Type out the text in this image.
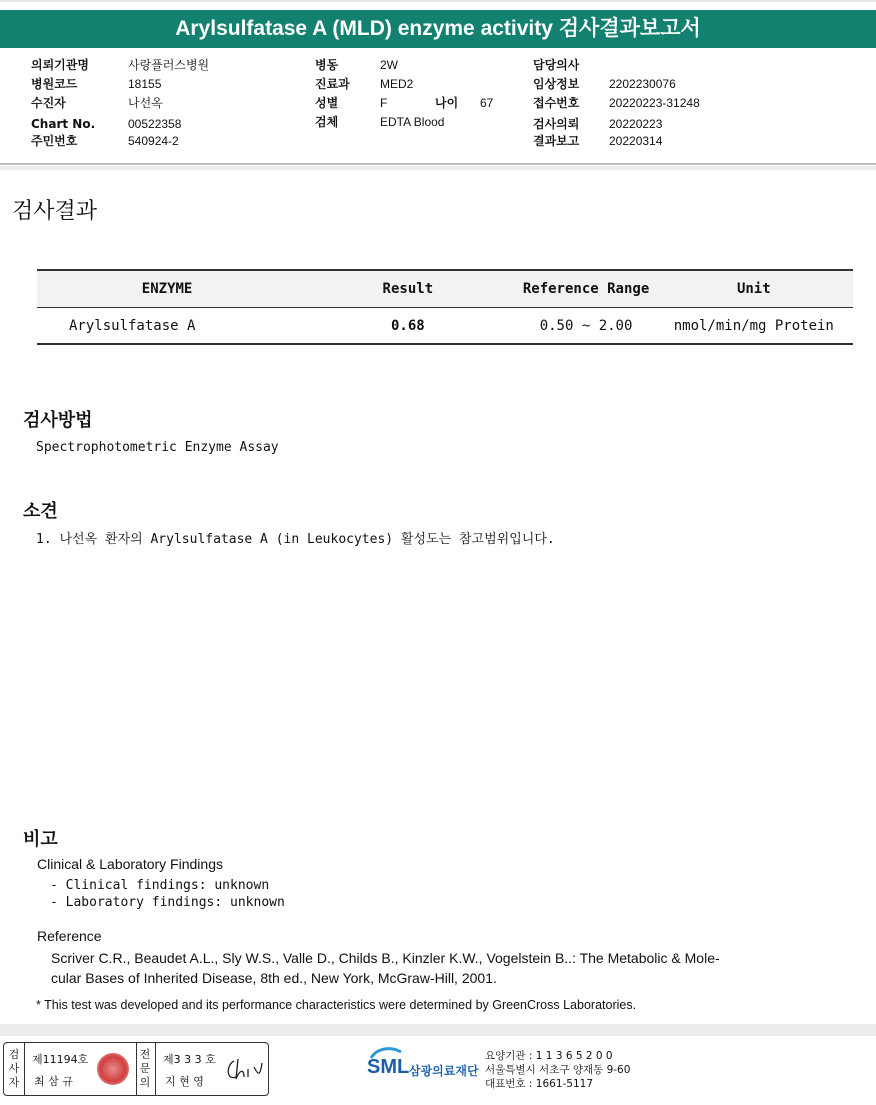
Arylsulfatase A (MLD) enzyme activity 검사결과보고서
의뢰기관명	사랑플러스병원
병원코드	18155
수진자	나선옥
Chart No.	00522358
주민번호	540924-2
병동	2W
진료과	MED2
성별	F	나이 67
검체	EDTA Blood
담당의사
임상정보 2202230076
접수번호 20220223-31248
검사의뢰 20220223
결과보고 20220314
검사결과
ENZYME	Result	Reference Range	Unit
Arylsulfatase A	0.68	0.50 ~ 2.00	nmol/min/mg Protein
검사방법
Spectrophotometric Enzyme Assay
소견
1. 나선옥 환자의 Arylsulfatase A (in Leukocytes) 활성도는 참고범위입니다.
비고
Clinical & Laboratory Findings
- Clinical findings: unknown
- Laboratory findings: unknown
Reference
Scriver C.R., Beaudet A.L., Sly W.S., Valle D., Childs B., Kinzler K.W., Vogelstein B..: The Metabolic & Mole-
cular Bases of Inherited Disease, 8th ed., New York, McGraw-Hill, 2001.
* This test was developed and its performance characteristics were determined by GreenCross Laboratories.
검
사
자
제11194호
최 삼 규
전
문
의
제3 3 3 호
지 현 영
SML 삼광의료재단
요양기관 : 1 1 3 6 5 2 0 0
서울특별시 서초구 양재동 9-60
대표번호 : 1661-5117
